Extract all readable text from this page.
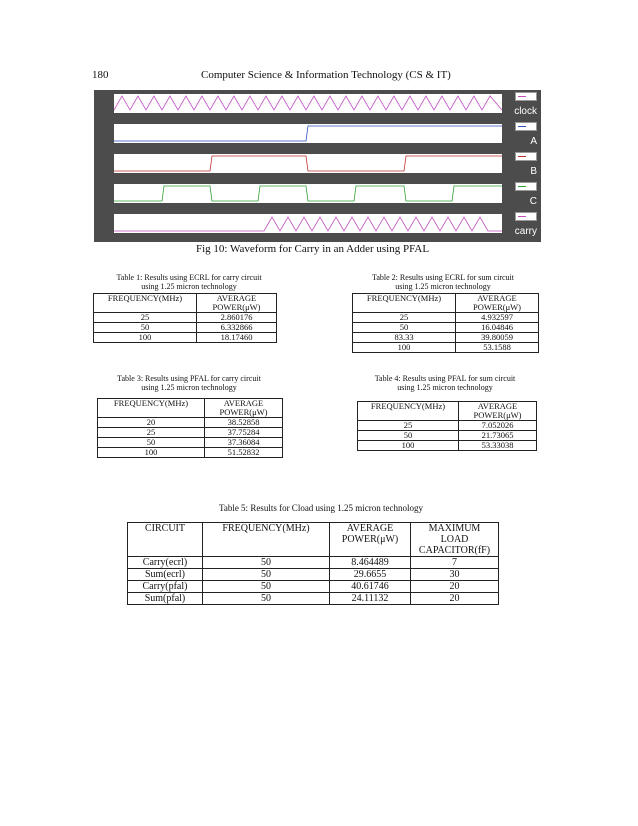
180	Computer Science & Information Technology (CS & IT)
clock
A
B
C
carry
Fig 10: Waveform for Carry in an Adder using PFAL
Table 1: Results using ECRL for carry circuit
using 1.25 micron technology
FREQUENCY(MHz)	AVERAGE POWER(μW)
25	2.860176
50	6.332866
100	18.17460
Table 2: Results using ECRL for sum circuit
using 1.25 micron technology
FREQUENCY(MHz)	AVERAGE POWER(μW)
25	4.932597
50	16.04846
83.33	39.80059
100	53.1588
Table 3: Results using PFAL for carry circuit
using 1.25 micron technology
FREQUENCY(MHz)	AVERAGE POWER(μW)
20	38.52858
25	37.75284
50	37.36084
100	51.52832
Table 4: Results using PFAL for sum circuit
using 1.25 micron technology
FREQUENCY(MHz)	AVERAGE POWER(μW)
25	7.052026
50	21.73065
100	53.33038
Table 5: Results for Cload using 1.25 micron technology
CIRCUIT	FREQUENCY(MHz)	AVERAGE POWER(μW)	MAXIMUM LOAD CAPACITOR(fF)
Carry(ecrl)	50	8.464489	7
Sum(ecrl)	50	29.6655	30
Carry(pfal)	50	40.61746	20
Sum(pfal)	50	24.11132	20
